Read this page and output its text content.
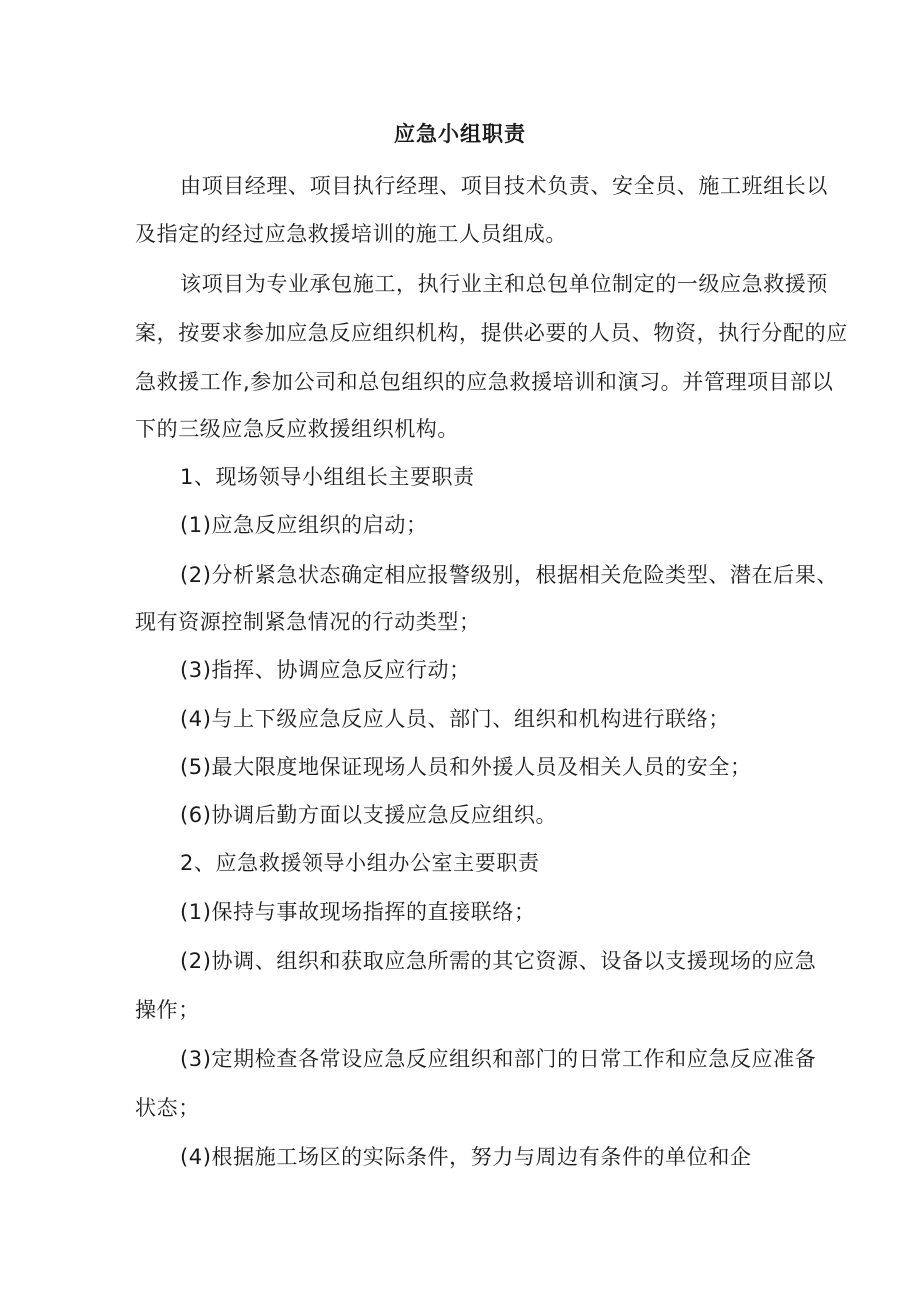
应急小组职责
由项目经理、项目执行经理、项目技术负责、安全员、施工班组长以
及指定的经过应急救援培训的施工人员组成。
该项目为专业承包施工，执行业主和总包单位制定的一级应急救援预
案，按要求参加应急反应组织机构，提供必要的人员、物资，执行分配的应
急救援工作,参加公司和总包组织的应急救援培训和演习。并管理项目部以
下的三级应急反应救援组织机构。
1、现场领导小组组长主要职责
(1)应急反应组织的启动；
(2)分析紧急状态确定相应报警级别，根据相关危险类型、潜在后果、
现有资源控制紧急情况的行动类型；
(3)指挥、协调应急反应行动；
(4)与上下级应急反应人员、部门、组织和机构进行联络；
(5)最大限度地保证现场人员和外援人员及相关人员的安全；
(6)协调后勤方面以支援应急反应组织。
2、应急救援领导小组办公室主要职责
(1)保持与事故现场指挥的直接联络；
(2)协调、组织和获取应急所需的其它资源、设备以支援现场的应急
操作；
(3)定期检查各常设应急反应组织和部门的日常工作和应急反应准备
状态；
(4)根据施工场区的实际条件，努力与周边有条件的单位和企
